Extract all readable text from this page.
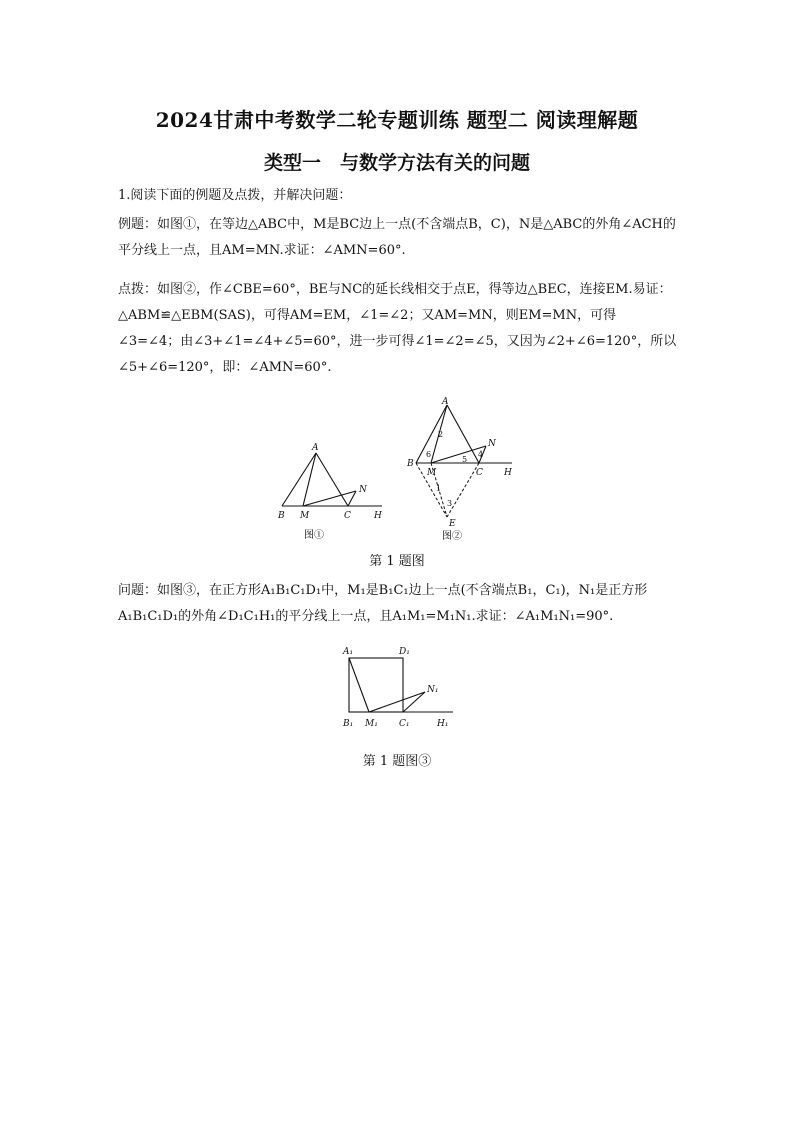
2024甘肃中考数学二轮专题训练 题型二 阅读理解题
类型一　与数学方法有关的问题

1.阅读下面的例题及点拨，并解决问题：

例题：如图①，在等边△ABC中，M是BC边上一点(不含端点B，C)，N是△ABC的外角∠ACH的平分线上一点，且AM=MN.求证：∠AMN=60°.

点拨：如图②，作∠CBE=60°，BE与NC的延长线相交于点E，得等边△BEC，连接EM.易证：△ABM≌△EBM(SAS)，可得AM=EM，∠1=∠2；又AM=MN，则EM=MN，可得∠3=∠4；由∠3+∠1=∠4+∠5=60°，进一步可得∠1=∠2=∠5，又因为∠2+∠6=120°，所以∠5+∠6=120°，即：∠AMN=60°.

A
B M	C
N
H
图①
A
B
M	C
N
H
E
1
2
3
4
5
6
图②
第 1 题图

问题：如图③，在正方形A₁B₁C₁D₁中，M₁是B₁C₁边上一点(不含端点B₁，C₁)，N₁是正方形A₁B₁C₁D₁的外角∠D₁C₁H₁的平分线上一点，且A₁M₁=M₁N₁.求证：∠A₁M₁N₁=90°.

A₁	D₁
B₁ M₁ C₁	H₁
N₁
第 1 题图③
